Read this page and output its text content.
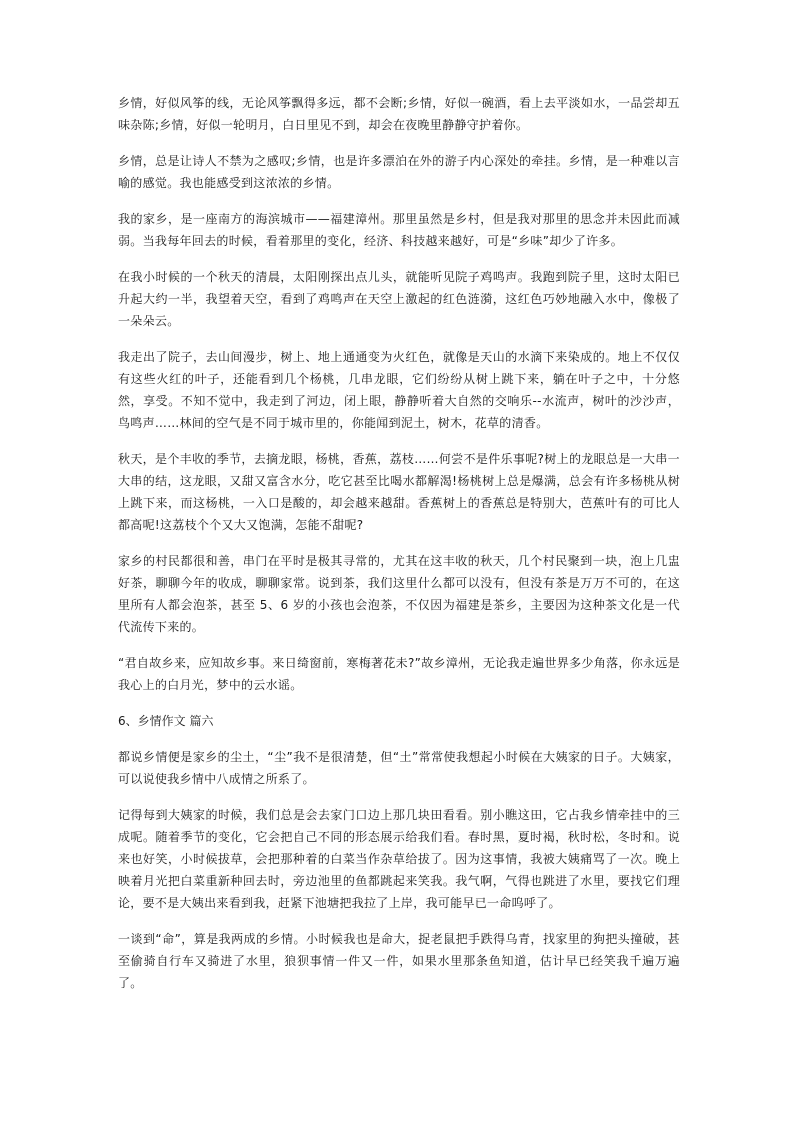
乡情，好似风筝的线，无论风筝飘得多远，都不会断;乡情，好似一碗酒，看上去平淡如水，一品尝却五味杂陈;乡情，好似一轮明月，白日里见不到，却会在夜晚里静静守护着你。

乡情，总是让诗人不禁为之感叹;乡情，也是许多漂泊在外的游子内心深处的牵挂。乡情，是一种难以言喻的感觉。我也能感受到这浓浓的乡情。

我的家乡，是一座南方的海滨城市——福建漳州。那里虽然是乡村，但是我对那里的思念并未因此而减弱。当我每年回去的时候，看着那里的变化，经济、科技越来越好，可是“乡味”却少了许多。

在我小时候的一个秋天的清晨，太阳刚探出点儿头，就能听见院子鸡鸣声。我跑到院子里，这时太阳已升起大约一半，我望着天空，看到了鸡鸣声在天空上激起的红色涟漪，这红色巧妙地融入水中，像极了一朵朵云。

我走出了院子，去山间漫步，树上、地上通通变为火红色，就像是天山的水滴下来染成的。地上不仅仅有这些火红的叶子，还能看到几个杨桃，几串龙眼，它们纷纷从树上跳下来，躺在叶子之中，十分悠然，享受。不知不觉中，我走到了河边，闭上眼，静静听着大自然的交响乐--水流声，树叶的沙沙声，鸟鸣声……林间的空气是不同于城市里的，你能闻到泥土，树木，花草的清香。

秋天，是个丰收的季节，去摘龙眼，杨桃，香蕉，荔枝……何尝不是件乐事呢?树上的龙眼总是一大串一大串的结，这龙眼，又甜又富含水分，吃它甚至比喝水都解渴!杨桃树上总是爆满，总会有许多杨桃从树上跳下来，而这杨桃，一入口是酸的，却会越来越甜。香蕉树上的香蕉总是特别大，芭蕉叶有的可比人都高呢!这荔枝个个又大又饱满，怎能不甜呢?

家乡的村民都很和善，串门在平时是极其寻常的，尤其在这丰收的秋天，几个村民聚到一块，泡上几盅好茶，聊聊今年的收成，聊聊家常。说到茶，我们这里什么都可以没有，但没有茶是万万不可的，在这里所有人都会泡茶，甚至 5、6 岁的小孩也会泡茶，不仅因为福建是茶乡，主要因为这种茶文化是一代代流传下来的。

“君自故乡来，应知故乡事。来日绮窗前，寒梅著花未?”故乡漳州，无论我走遍世界多少角落，你永远是我心上的白月光，梦中的云水谣。

6、乡情作文 篇六

都说乡情便是家乡的尘土，“尘”我不是很清楚，但“土”常常使我想起小时候在大姨家的日子。大姨家，可以说使我乡情中八成情之所系了。

记得每到大姨家的时候，我们总是会去家门口边上那几块田看看。别小瞧这田，它占我乡情牵挂中的三成呢。随着季节的变化，它会把自己不同的形态展示给我们看。春时黑，夏时褐，秋时松，冬时和。说来也好笑，小时候拔草，会把那种着的白菜当作杂草给拔了。因为这事情，我被大姨痛骂了一次。晚上映着月光把白菜重新种回去时，旁边池里的鱼都跳起来笑我。我气啊，气得也跳进了水里，要找它们理论，要不是大姨出来看到我，赶紧下池塘把我拉了上岸，我可能早已一命呜呼了。

一谈到“命”，算是我两成的乡情。小时候我也是命大，捉老鼠把手跌得乌青，找家里的狗把头撞破，甚至偷骑自行车又骑进了水里，狼狈事情一件又一件，如果水里那条鱼知道，估计早已经笑我千遍万遍了。
